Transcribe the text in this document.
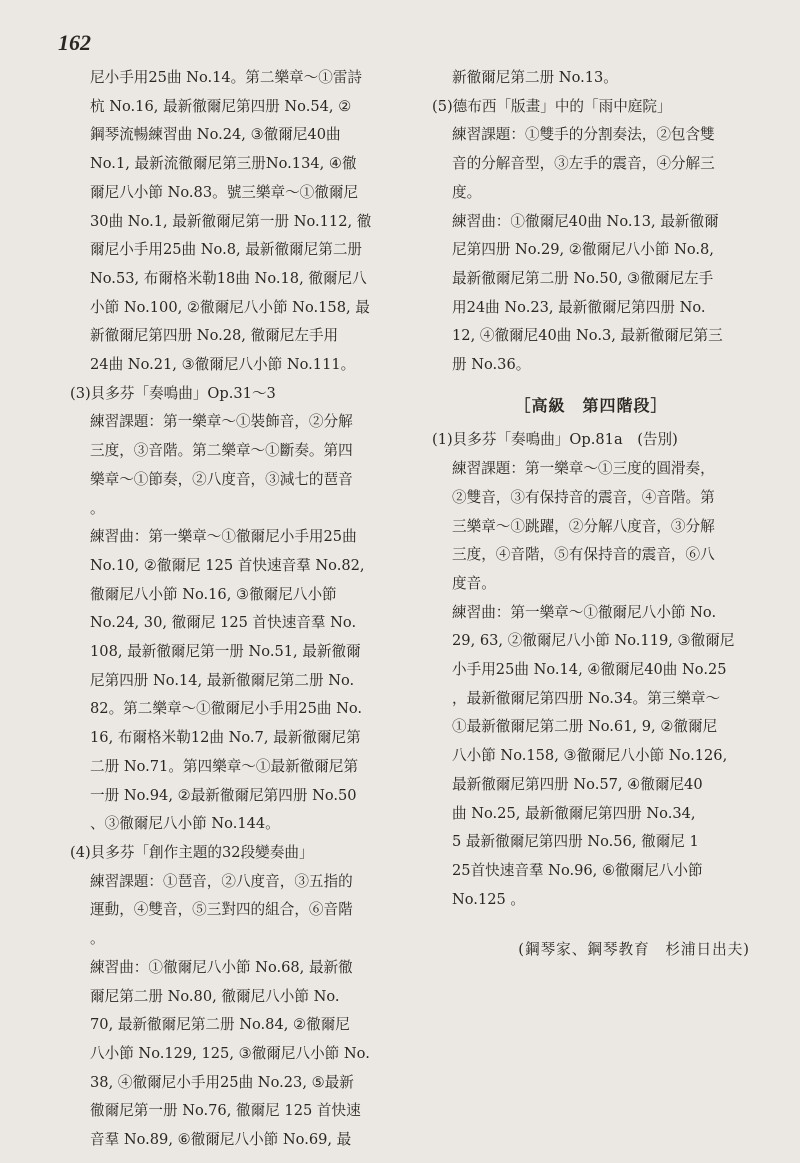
162
尼小手用25曲 No.14。第二樂章～①雷詩
杭 No.16, 最新徹爾尼第四册 No.54, ②
鋼琴流暢練習曲 No.24, ③徹爾尼40曲
No.1, 最新流徹爾尼第三册No.134, ④徹
爾尼八小節 No.83。號三樂章～①徹爾尼
30曲 No.1, 最新徹爾尼第一册 No.112, 徹
爾尼小手用25曲 No.8, 最新徹爾尼第二册
No.53, 布爾格米勒18曲 No.18, 徹爾尼八
小節 No.100, ②徹爾尼八小節 No.158, 最
新徹爾尼第四册 No.28, 徹爾尼左手用
24曲 No.21, ③徹爾尼八小節 No.111。
(3)貝多芬「奏鳴曲」Op.31～3
練習課題：第一樂章～①裝飾音，②分解
三度，③音階。第二樂章～①斷奏。第四
樂章～①節奏，②八度音，③減七的琶音
。
練習曲：第一樂章～①徹爾尼小手用25曲
No.10, ②徹爾尼 125 首快速音羣 No.82,
徹爾尼八小節 No.16, ③徹爾尼八小節
No.24, 30, 徹爾尼 125 首快速音羣 No.
108, 最新徹爾尼第一册 No.51, 最新徹爾
尼第四册 No.14, 最新徹爾尼第二册 No.
82。第二樂章～①徹爾尼小手用25曲 No.
16, 布爾格米勒12曲 No.7, 最新徹爾尼第
二册 No.71。第四樂章～①最新徹爾尼第
一册 No.94, ②最新徹爾尼第四册 No.50
、③徹爾尼八小節 No.144。
(4)貝多芬「創作主題的32段變奏曲」
練習課題：①琶音，②八度音，③五指的
運動，④雙音，⑤三對四的組合，⑥音階
。
練習曲：①徹爾尼八小節 No.68, 最新徹
爾尼第二册 No.80, 徹爾尼八小節 No.
70, 最新徹爾尼第二册 No.84, ②徹爾尼
八小節 No.129, 125, ③徹爾尼八小節 No.
38, ④徹爾尼小手用25曲 No.23, ⑤最新
徹爾尼第一册 No.76, 徹爾尼 125 首快速
音羣 No.89, ⑥徹爾尼八小節 No.69, 最
新徹爾尼第二册 No.13。
(5)德布西「版畫」中的「雨中庭院」
練習課題：①雙手的分割奏法，②包含雙
音的分解音型，③左手的震音，④分解三
度。
練習曲：①徹爾尼40曲 No.13, 最新徹爾
尼第四册 No.29, ②徹爾尼八小節 No.8,
最新徹爾尼第二册 No.50, ③徹爾尼左手
用24曲 No.23, 最新徹爾尼第四册 No.
12, ④徹爾尼40曲 No.3, 最新徹爾尼第三
册 No.36。
［高級　第四階段］
(1)貝多芬「奏鳴曲」Op.81a　(告別)
練習課題：第一樂章～①三度的圓滑奏，
②雙音，③有保持音的震音，④音階。第
三樂章～①跳躍，②分解八度音，③分解
三度，④音階，⑤有保持音的震音，⑥八
度音。
練習曲：第一樂章～①徹爾尼八小節 No.
29, 63, ②徹爾尼八小節 No.119, ③徹爾尼
小手用25曲 No.14, ④徹爾尼40曲 No.25
，最新徹爾尼第四册 No.34。第三樂章～
①最新徹爾尼第二册 No.61, 9, ②徹爾尼
八小節 No.158, ③徹爾尼八小節 No.126,
最新徹爾尼第四册 No.57, ④徹爾尼40
曲 No.25, 最新徹爾尼第四册 No.34,
5 最新徹爾尼第四册 No.56, 徹爾尼 1
25首快速音羣 No.96, ⑥徹爾尼八小節
No.125 。
(鋼琴家、鋼琴教育　杉浦日出夫)
